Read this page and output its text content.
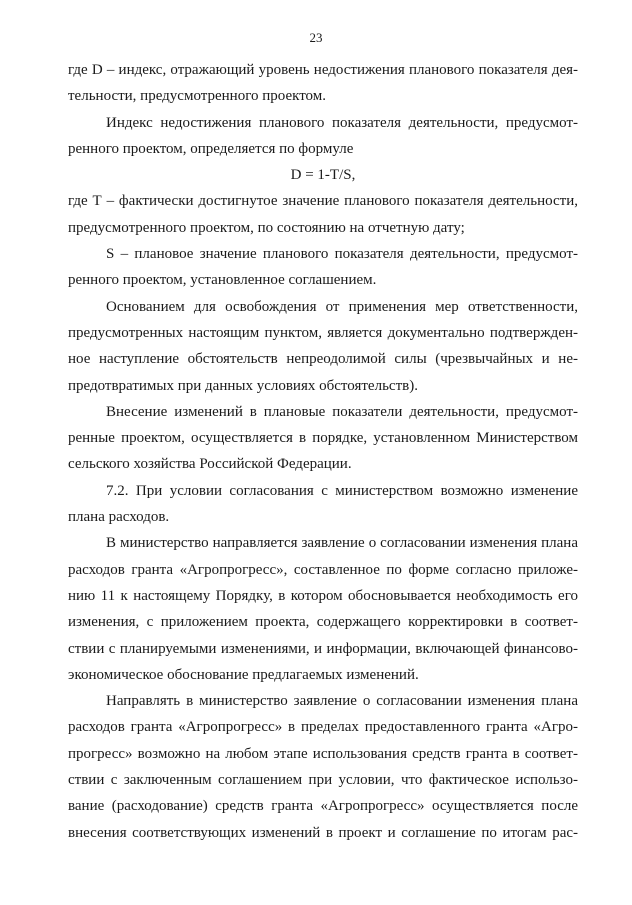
23
где D – индекс, отражающий уровень недостижения планового показателя дея-
тельности, предусмотренного проектом.
Индекс недостижения планового показателя деятельности, предусмот-
ренного проектом, определяется по формуле
D = 1-T/S,
где Т – фактически достигнутое значение планового показателя деятельности,
предусмотренного проектом, по состоянию на отчетную дату;
S – плановое значение планового показателя деятельности, предусмот-
ренного проектом, установленное соглашением.
Основанием для освобождения от применения мер ответственности,
предусмотренных настоящим пунктом, является документально подтвержден-
ное наступление обстоятельств непреодолимой силы (чрезвычайных и не-
предотвратимых при данных условиях обстоятельств).
Внесение изменений в плановые показатели деятельности, предусмот-
ренные проектом, осуществляется в порядке, установленном Министерством
сельского хозяйства Российской Федерации.
7.2. При условии согласования с министерством возможно изменение
плана расходов.
В министерство направляется заявление о согласовании изменения плана
расходов гранта «Агропрогресс», составленное по форме согласно приложе-
нию 11 к настоящему Порядку, в котором обосновывается необходимость его
изменения, с приложением проекта, содержащего корректировки в соответ-
ствии с планируемыми изменениями, и информации, включающей финансово-
экономическое обоснование предлагаемых изменений.
Направлять в министерство заявление о согласовании изменения плана
расходов гранта «Агропрогресс» в пределах предоставленного гранта «Агро-
прогресс» возможно на любом этапе использования средств гранта в соответ-
ствии с заключенным соглашением при условии, что фактическое использо-
вание (расходование) средств гранта «Агропрогресс» осуществляется после
внесения соответствующих изменений в проект и соглашение по итогам рас-
